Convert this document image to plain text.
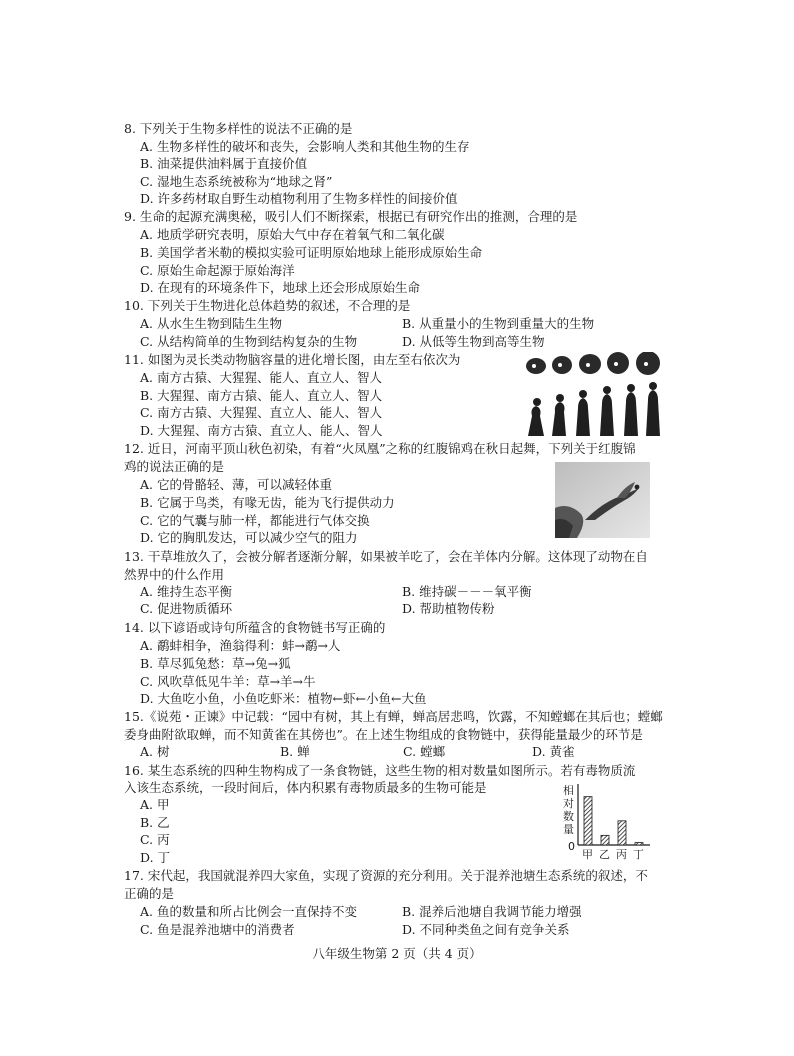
8. 下列关于生物多样性的说法不正确的是
A. 生物多样性的破坏和丧失，会影响人类和其他生物的生存
B. 油菜提供油料属于直接价值
C. 湿地生态系统被称为“地球之肾”
D. 许多药材取自野生动植物利用了生物多样性的间接价值
9. 生命的起源充满奥秘，吸引人们不断探索，根据已有研究作出的推测，合理的是
A. 地质学研究表明，原始大气中存在着氧气和二氧化碳
B. 美国学者米勒的模拟实验可证明原始地球上能形成原始生命
C. 原始生命起源于原始海洋
D. 在现有的环境条件下，地球上还会形成原始生命
10. 下列关于生物进化总体趋势的叙述，不合理的是
A. 从水生生物到陆生生物	B. 从重量小的生物到重量大的生物
C. 从结构简单的生物到结构复杂的生物	D. 从低等生物到高等生物
11. 如图为灵长类动物脑容量的进化增长图，由左至右依次为
A. 南方古猿、大猩猩、能人、直立人、智人
B. 大猩猩、南方古猿、能人、直立人、智人
C. 南方古猿、大猩猩、直立人、能人、智人
D. 大猩猩、南方古猿、直立人、能人、智人
12. 近日，河南平顶山秋色初染，有着“火凤凰”之称的红腹锦鸡在秋日起舞，下列关于红腹锦
鸡的说法正确的是
A. 它的骨骼轻、薄，可以减轻体重
B. 它属于鸟类，有喙无齿，能为飞行提供动力
C. 它的气囊与肺一样，都能进行气体交换
D. 它的胸肌发达，可以减少空气的阻力
13. 干草堆放久了，会被分解者逐渐分解，如果被羊吃了，会在羊体内分解。这体现了动物在自
然界中的什么作用
A. 维持生态平衡	B. 维持碳－－－氧平衡
C. 促进物质循环	D. 帮助植物传粉
14. 以下谚语或诗句所蕴含的食物链书写正确的
A. 鹬蚌相争，渔翁得利：蚌→鹬→人
B. 草尽狐兔愁：草→兔→狐
C. 风吹草低见牛羊：草→羊→牛
D. 大鱼吃小鱼，小鱼吃虾米：植物←虾←小鱼←大鱼
15.《说苑・正谏》中记载：“园中有树，其上有蝉，蝉高居悲鸣，饮露，不知螳螂在其后也；螳螂
委身曲附欲取蝉，而不知黄雀在其傍也”。在上述生物组成的食物链中，获得能量最少的环节是
A. 树	B. 蝉	C. 螳螂	D. 黄雀
16. 某生态系统的四种生物构成了一条食物链，这些生物的相对数量如图所示。若有毒物质流
入该生态系统，一段时间后，体内积累有毒物质最多的生物可能是
A. 甲
B. 乙
C. 丙
D. 丁
相
对
数
量
0
甲 乙 丙 丁
17. 宋代起，我国就混养四大家鱼，实现了资源的充分利用。关于混养池塘生态系统的叙述，不
正确的是
A. 鱼的数量和所占比例会一直保持不变	B. 混养后池塘自我调节能力增强
C. 鱼是混养池塘中的消费者	D. 不同种类鱼之间有竞争关系
八年级生物第 2 页（共 4 页）
